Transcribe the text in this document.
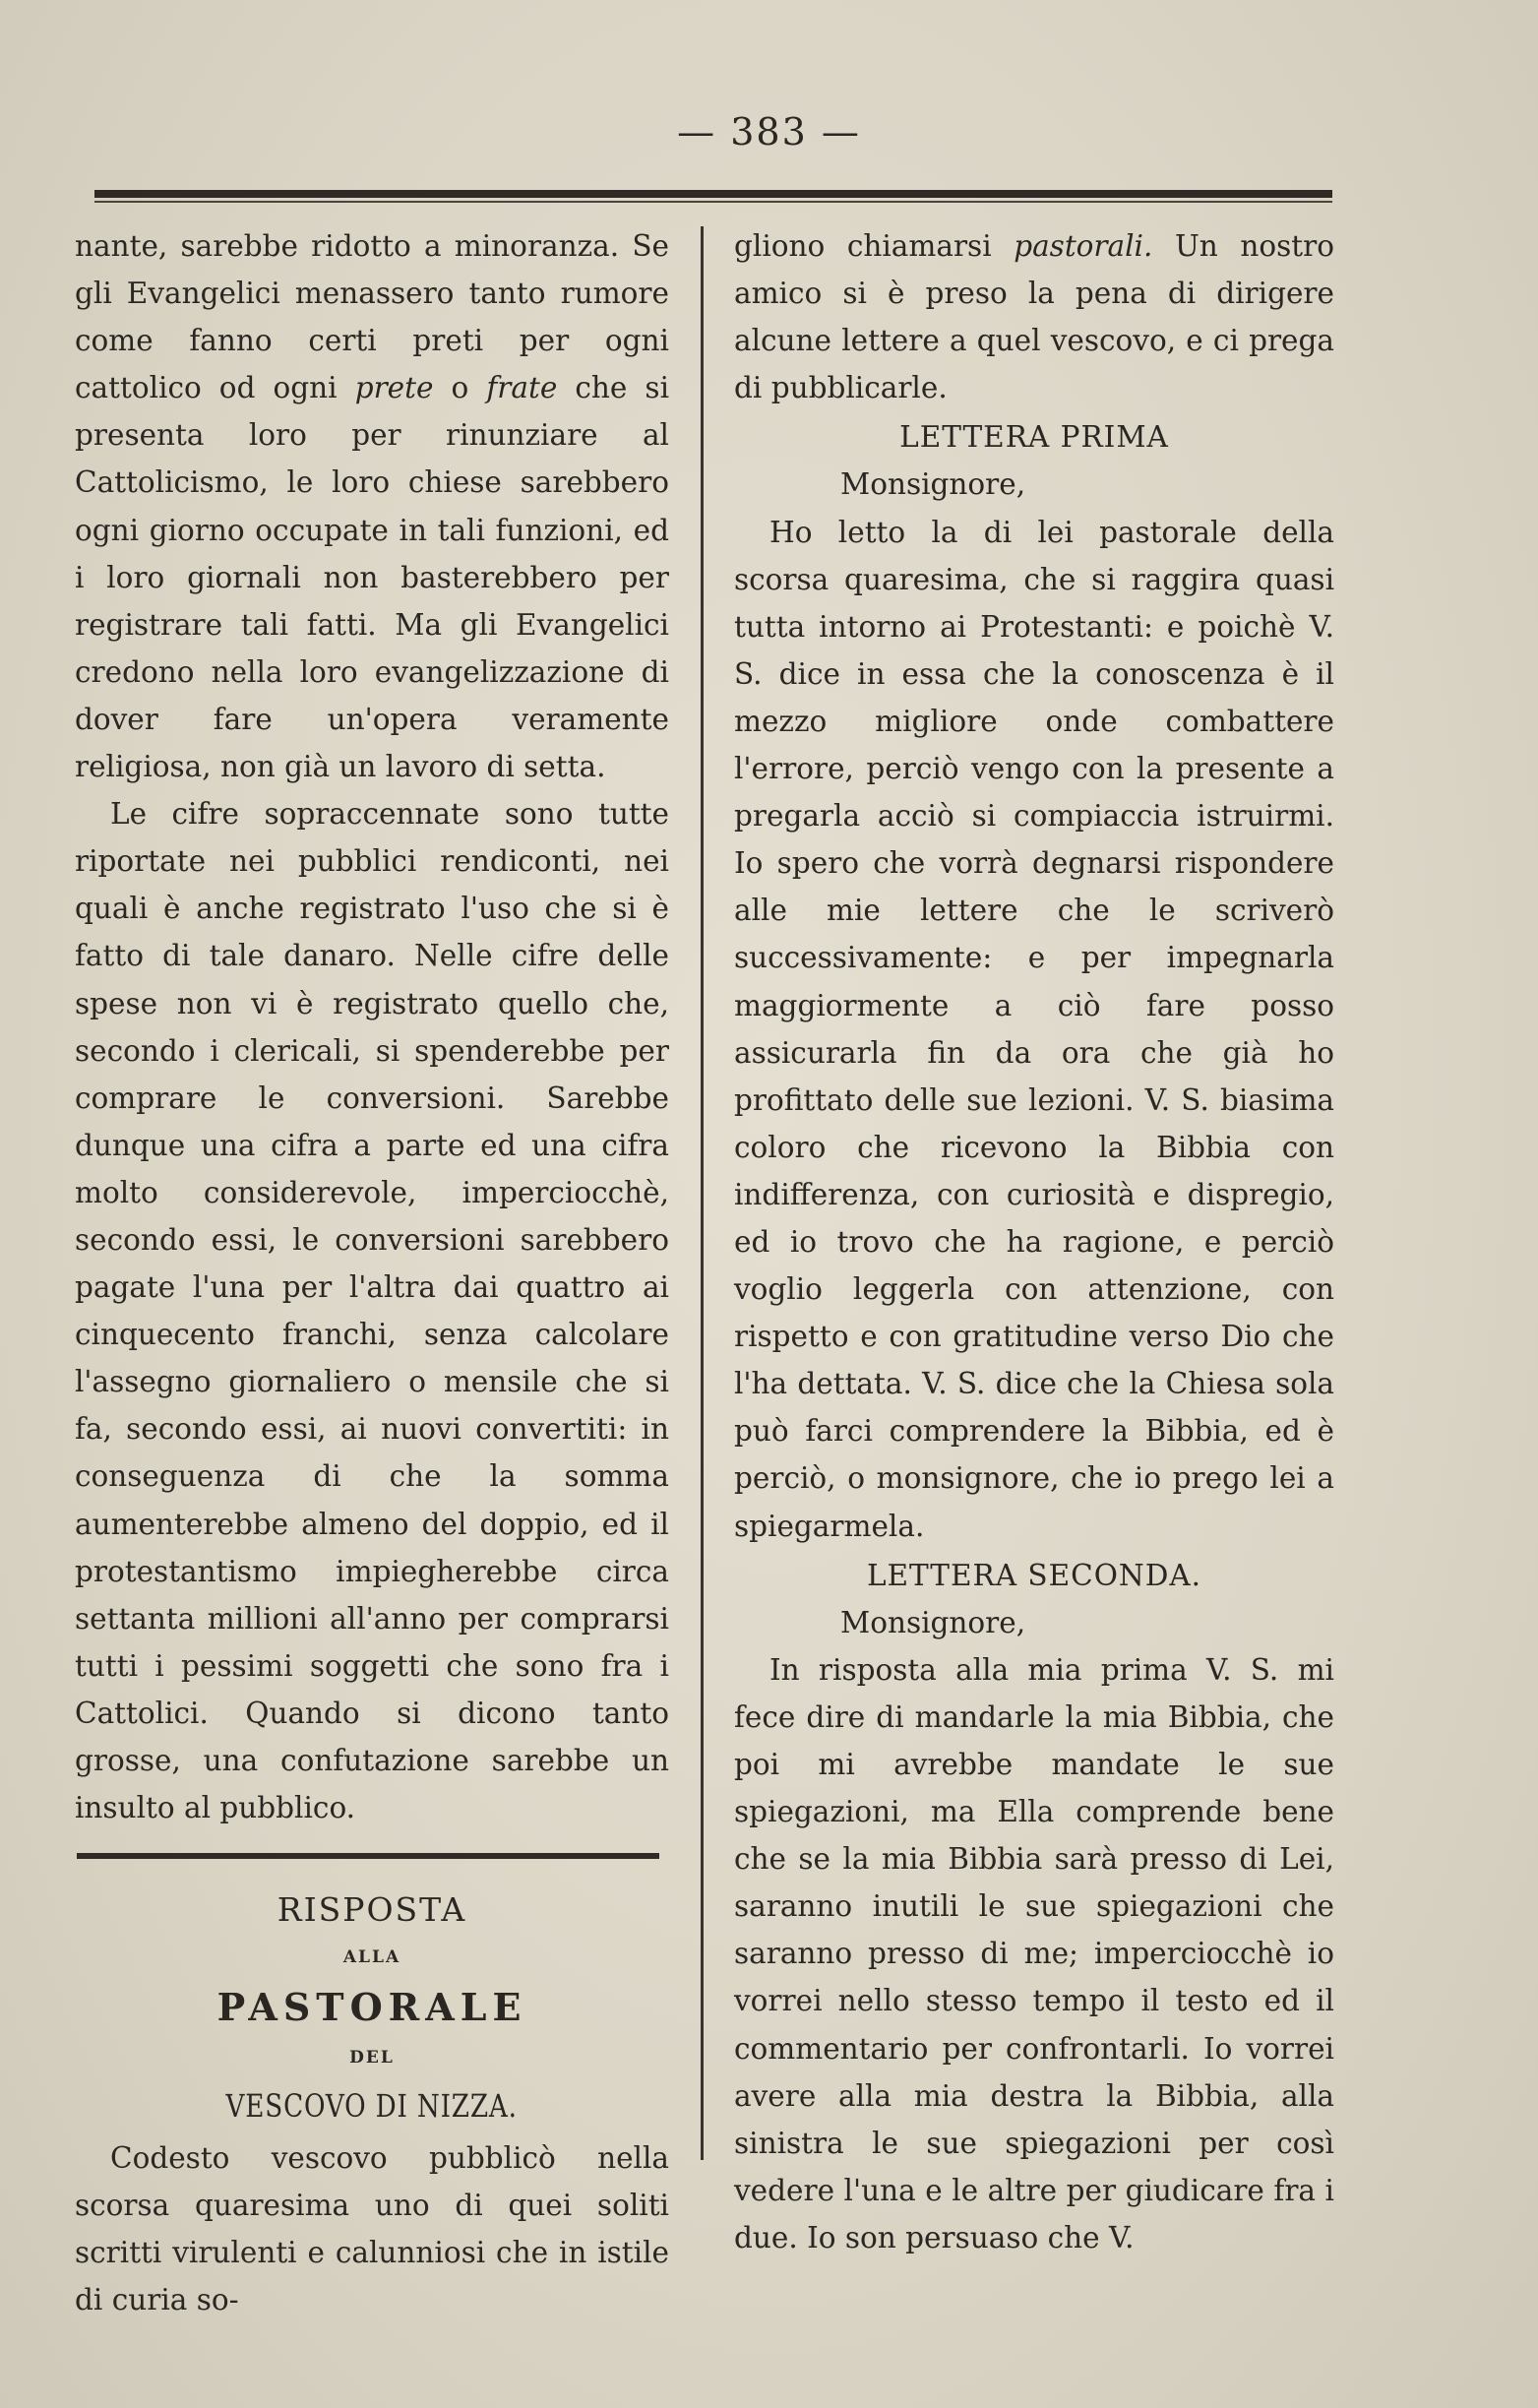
— 383 —

nante, sarebbe ridotto a minoranza. Se gli Evangelici menassero tanto rumore come fanno certi preti per ogni cattolico od ogni prete o frate che si presenta loro per rinunziare al Cattolicismo, le loro chiese sarebbero ogni giorno occupate in tali funzioni, ed i loro giornali non basterebbero per registrare tali fatti. Ma gli Evangelici credono nella loro evangelizzazione di dover fare un'opera veramente religiosa, non già un lavoro di setta.

Le cifre sopraccennate sono tutte riportate nei pubblici rendiconti, nei quali è anche registrato l'uso che si è fatto di tale danaro. Nelle cifre delle spese non vi è registrato quello che, secondo i clericali, si spenderebbe per comprare le conversioni. Sarebbe dunque una cifra a parte ed una cifra molto considerevole, imperciocchè, secondo essi, le conversioni sarebbero pagate l'una per l'altra dai quattro ai cinquecento franchi, senza calcolare l'assegno giornaliero o mensile che si fa, secondo essi, ai nuovi convertiti: in conseguenza di che la somma aumenterebbe almeno del doppio, ed il protestantismo impiegherebbe circa settanta millioni all'anno per comprarsi tutti i pessimi soggetti che sono fra i Cattolici. Quando si dicono tanto grosse, una confutazione sarebbe un insulto al pubblico.

RISPOSTA
ALLA
PASTORALE
DEL
VESCOVO DI NIZZA.

Codesto vescovo pubblicò nella scorsa quaresima uno di quei soliti scritti virulenti e calunniosi che in istile di curia so-

gliono chiamarsi pastorali. Un nostro amico si è preso la pena di dirigere alcune lettere a quel vescovo, e ci prega di pubblicarle.

LETTERA PRIMA

Monsignore,

Ho letto la di lei pastorale della scorsa quaresima, che si raggira quasi tutta intorno ai Protestanti: e poichè V. S. dice in essa che la conoscenza è il mezzo migliore onde combattere l'errore, perciò vengo con la presente a pregarla acciò si compiaccia istruirmi. Io spero che vorrà degnarsi rispondere alle mie lettere che le scriverò successivamente: e per impegnarla maggiormente a ciò fare posso assicurarla fin da ora che già ho profittato delle sue lezioni. V. S. biasima coloro che ricevono la Bibbia con indifferenza, con curiosità e dispregio, ed io trovo che ha ragione, e perciò voglio leggerla con attenzione, con rispetto e con gratitudine verso Dio che l'ha dettata. V. S. dice che la Chiesa sola può farci comprendere la Bibbia, ed è perciò, o monsignore, che io prego lei a spiegarmela.

LETTERA SECONDA.

Monsignore,

In risposta alla mia prima V. S. mi fece dire di mandarle la mia Bibbia, che poi mi avrebbe mandate le sue spiegazioni, ma Ella comprende bene che se la mia Bibbia sarà presso di Lei, saranno inutili le sue spiegazioni che saranno presso di me; imperciocchè io vorrei nello stesso tempo il testo ed il commentario per confrontarli. Io vorrei avere alla mia destra la Bibbia, alla sinistra le sue spiegazioni per così vedere l'una e le altre per giudicare fra i due. Io son persuaso che V.
